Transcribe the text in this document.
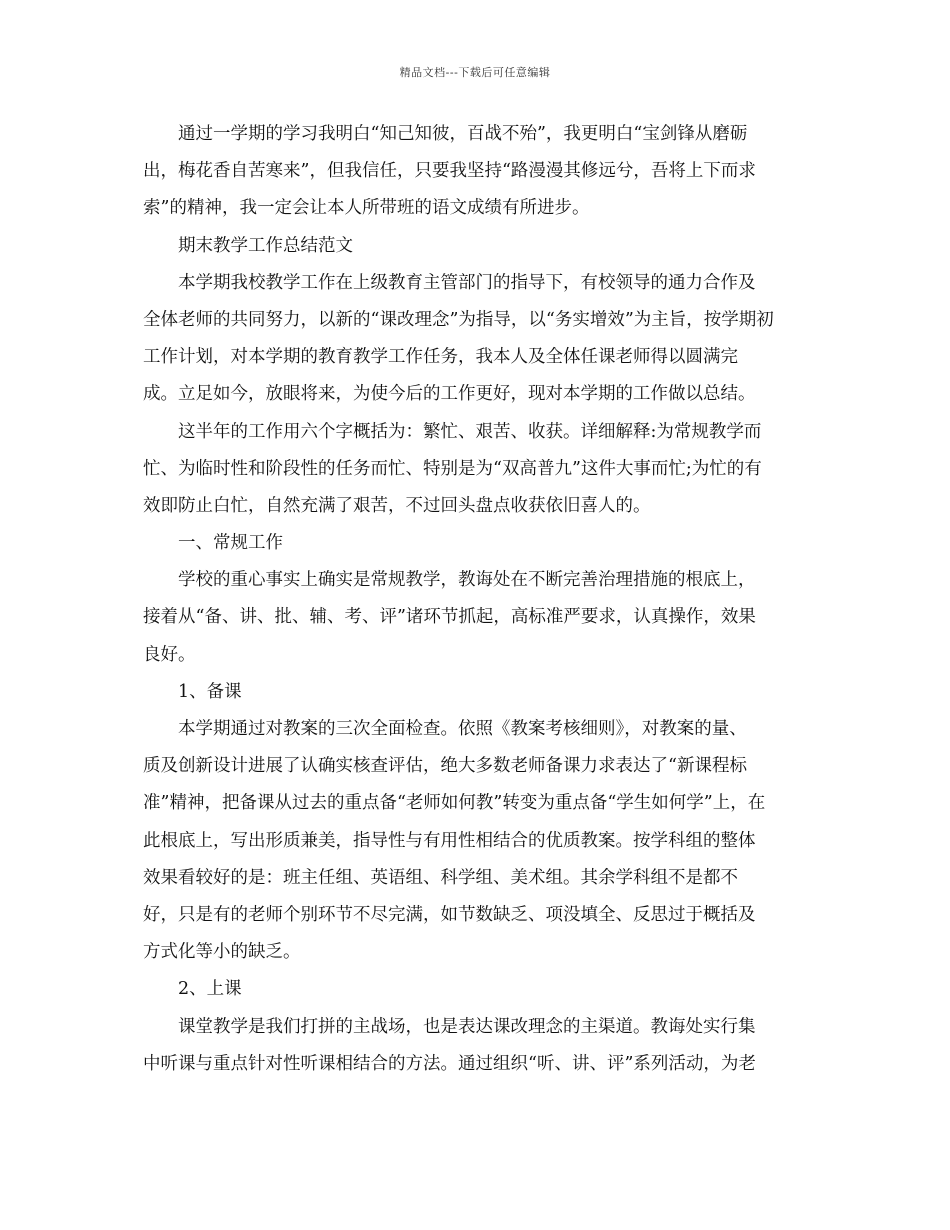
精品文档---下载后可任意编辑
通过一学期的学习我明白“知己知彼，百战不殆”，我更明白“宝剑锋从磨砺
出，梅花香自苦寒来”，但我信任，只要我坚持“路漫漫其修远兮，吾将上下而求
索”的精神，我一定会让本人所带班的语文成绩有所进步。
期末教学工作总结范文
本学期我校教学工作在上级教育主管部门的指导下，有校领导的通力合作及
全体老师的共同努力，以新的“课改理念”为指导，以“务实增效”为主旨，按学期初
工作计划，对本学期的教育教学工作任务，我本人及全体任课老师得以圆满完
成。立足如今，放眼将来，为使今后的工作更好，现对本学期的工作做以总结。
这半年的工作用六个字概括为：繁忙、艰苦、收获。详细解释:为常规教学而
忙、为临时性和阶段性的任务而忙、特别是为“双高普九”这件大事而忙;为忙的有
效即防止白忙，自然充满了艰苦，不过回头盘点收获依旧喜人的。
一、常规工作
学校的重心事实上确实是常规教学，教诲处在不断完善治理措施的根底上，
接着从“备、讲、批、辅、考、评”诸环节抓起，高标准严要求，认真操作，效果
良好。
1、备课
本学期通过对教案的三次全面检查。依照《教案考核细则》，对教案的量、
质及创新设计进展了认确实核查评估，绝大多数老师备课力求表达了“新课程标
准”精神，把备课从过去的重点备“老师如何教”转变为重点备“学生如何学”上，在
此根底上，写出形质兼美，指导性与有用性相结合的优质教案。按学科组的整体
效果看较好的是：班主任组、英语组、科学组、美术组。其余学科组不是都不
好，只是有的老师个别环节不尽完满，如节数缺乏、项没填全、反思过于概括及
方式化等小的缺乏。
2、上课
课堂教学是我们打拼的主战场，也是表达课改理念的主渠道。教诲处实行集
中听课与重点针对性听课相结合的方法。通过组织“听、讲、评”系列活动，为老
